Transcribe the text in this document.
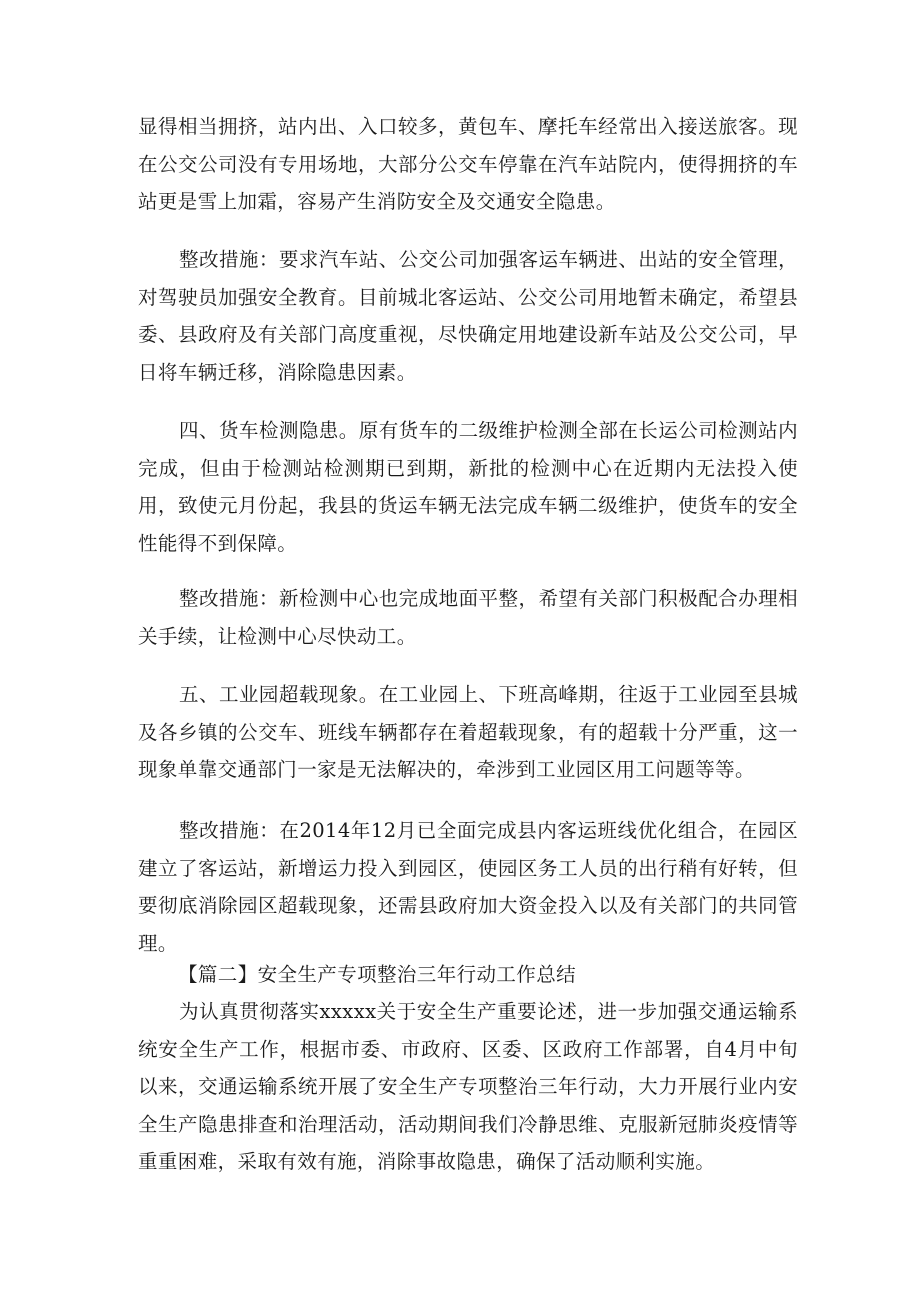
显得相当拥挤，站内出、入口较多，黄包车、摩托车经常出入接送旅客。现在公交公司没有专用场地，大部分公交车停靠在汽车站院内，使得拥挤的车站更是雪上加霜，容易产生消防安全及交通安全隐患。

整改措施：要求汽车站、公交公司加强客运车辆进、出站的安全管理，对驾驶员加强安全教育。目前城北客运站、公交公司用地暂未确定，希望县委、县政府及有关部门高度重视，尽快确定用地建设新车站及公交公司，早日将车辆迁移，消除隐患因素。

四、货车检测隐患。原有货车的二级维护检测全部在长运公司检测站内完成，但由于检测站检测期已到期，新批的检测中心在近期内无法投入使用，致使元月份起，我县的货运车辆无法完成车辆二级维护，使货车的安全性能得不到保障。

整改措施：新检测中心也完成地面平整，希望有关部门积极配合办理相关手续，让检测中心尽快动工。

五、工业园超载现象。在工业园上、下班高峰期，往返于工业园至县城及各乡镇的公交车、班线车辆都存在着超载现象，有的超载十分严重，这一现象单靠交通部门一家是无法解决的，牵涉到工业园区用工问题等等。

整改措施：在2014年12月已全面完成县内客运班线优化组合，在园区建立了客运站，新增运力投入到园区，使园区务工人员的出行稍有好转，但要彻底消除园区超载现象，还需县政府加大资金投入以及有关部门的共同管理。

【篇二】安全生产专项整治三年行动工作总结

为认真贯彻落实xxxxx关于安全生产重要论述，进一步加强交通运输系统安全生产工作，根据市委、市政府、区委、区政府工作部署，自4月中旬以来，交通运输系统开展了安全生产专项整治三年行动，大力开展行业内安全生产隐患排查和治理活动，活动期间我们冷静思维、克服新冠肺炎疫情等重重困难，采取有效有施，消除事故隐患，确保了活动顺利实施。
